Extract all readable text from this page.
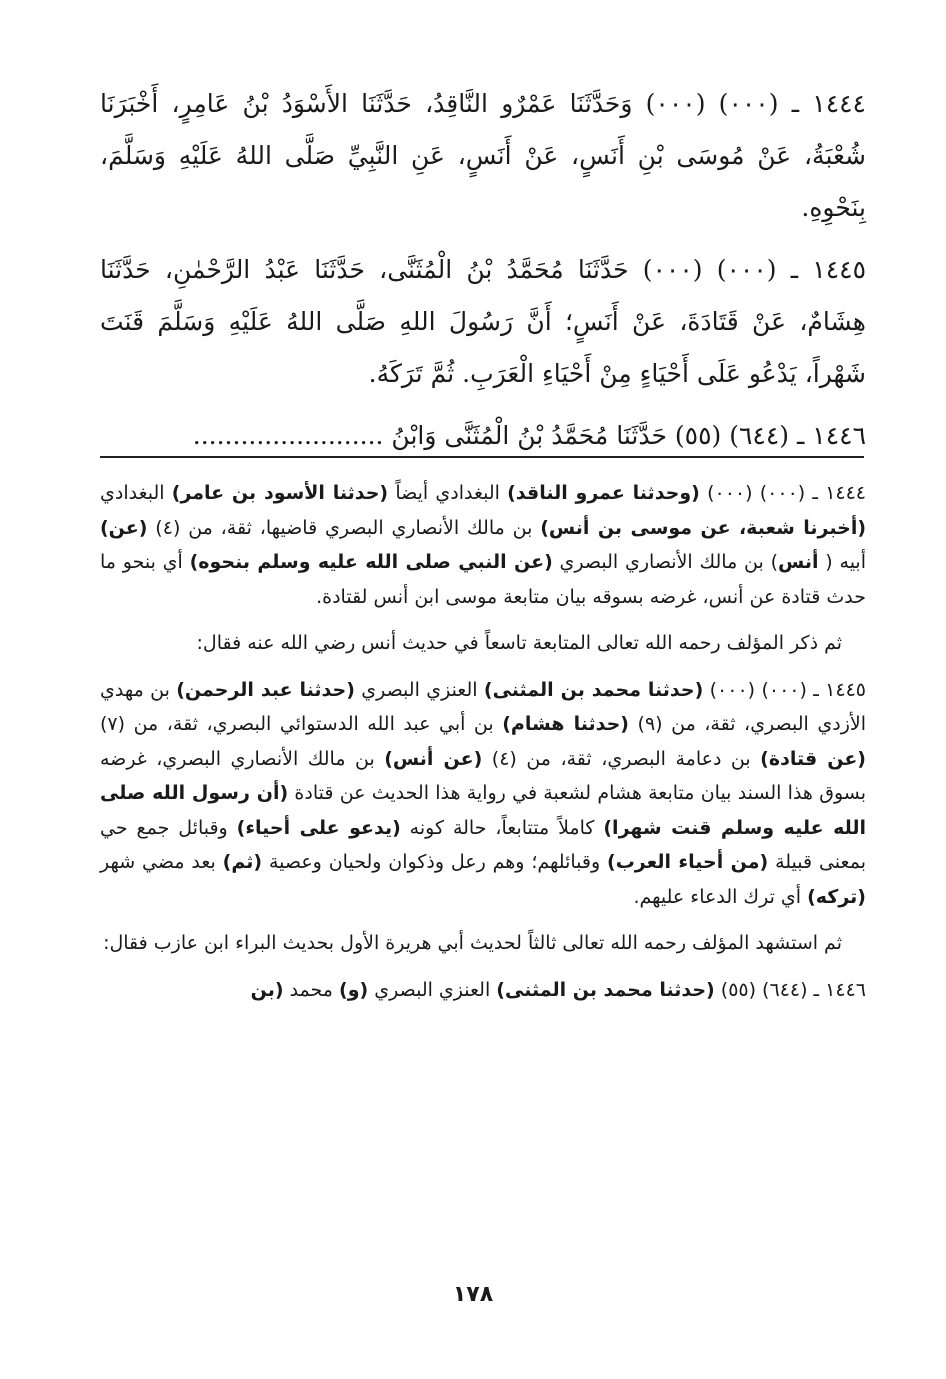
١٤٤٤ ـ (٠٠٠) (٠٠٠) وَحَدَّثَنَا عَمْرٌو النَّاقِدُ، حَدَّثَنَا الأَسْوَدُ بْنُ عَامِرٍ، أَخْبَرَنَا شُعْبَةُ، عَنْ مُوسَى بْنِ أَنَسٍ، عَنْ أَنَسٍ، عَنِ النَّبِيِّ صَلَّى اللهُ عَلَيْهِ وَسَلَّمَ، بِنَحْوِهِ.

١٤٤٥ ـ (٠٠٠) (٠٠٠) حَدَّثَنَا مُحَمَّدُ بْنُ الْمُثَنَّى، حَدَّثَنَا عَبْدُ الرَّحْمٰنِ، حَدَّثَنَا هِشَامٌ، عَنْ قَتَادَةَ، عَنْ أَنَسٍ؛ أَنَّ رَسُولَ اللهِ صَلَّى اللهُ عَلَيْهِ وَسَلَّمَ قَنَتَ شَهْراً، يَدْعُو عَلَى أَحْيَاءٍ مِنْ أَحْيَاءِ الْعَرَبِ. ثُمَّ تَرَكَهُ.

١٤٤٦ ـ (٦٤٤) (٥٥) حَدَّثَنَا مُحَمَّدُ بْنُ الْمُثَنَّى وَابْنُ ........................

١٤٤٤ ـ (٠٠٠) (٠٠٠) (وحدثنا عمرو الناقد) البغدادي أيضاً (حدثنا الأسود بن عامر) البغدادي (أخبرنا شعبة، عن موسى بن أنس) بن مالك الأنصاري البصري قاضيها، ثقة، من (٤) (عن) أبيه ( أنس) بن مالك الأنصاري البصري (عن النبي صلى الله عليه وسلم بنحوه) أي بنحو ما حدث قتادة عن أنس، غرضه بسوقه بيان متابعة موسى ابن أنس لقتادة.

ثم ذكر المؤلف رحمه الله تعالى المتابعة تاسعاً في حديث أنس رضي الله عنه فقال:

١٤٤٥ ـ (٠٠٠) (٠٠٠) (حدثنا محمد بن المثنى) العنزي البصري (حدثنا عبد الرحمن) بن مهدي الأزدي البصري، ثقة، من (٩) (حدثنا هشام) بن أبي عبد الله الدستوائي البصري، ثقة، من (٧) (عن قتادة) بن دعامة البصري، ثقة، من (٤) (عن أنس) بن مالك الأنصاري البصري، غرضه بسوق هذا السند بيان متابعة هشام لشعبة في رواية هذا الحديث عن قتادة (أن رسول الله صلى الله عليه وسلم قنت شهرا) كاملاً متتابعاً، حالة كونه (يدعو على أحياء) وقبائل جمع حي بمعنى قبيلة (من أحياء العرب) وقبائلهم؛ وهم رعل وذكوان ولحيان وعصية (ثم) بعد مضي شهر (تركه) أي ترك الدعاء عليهم.

ثم استشهد المؤلف رحمه الله تعالى ثالثاً لحديث أبي هريرة الأول بحديث البراء ابن عازب فقال:

١٤٤٦ ـ (٦٤٤) (٥٥) (حدثنا محمد بن المثنى) العنزي البصري (و) محمد (بن

١٧٨
